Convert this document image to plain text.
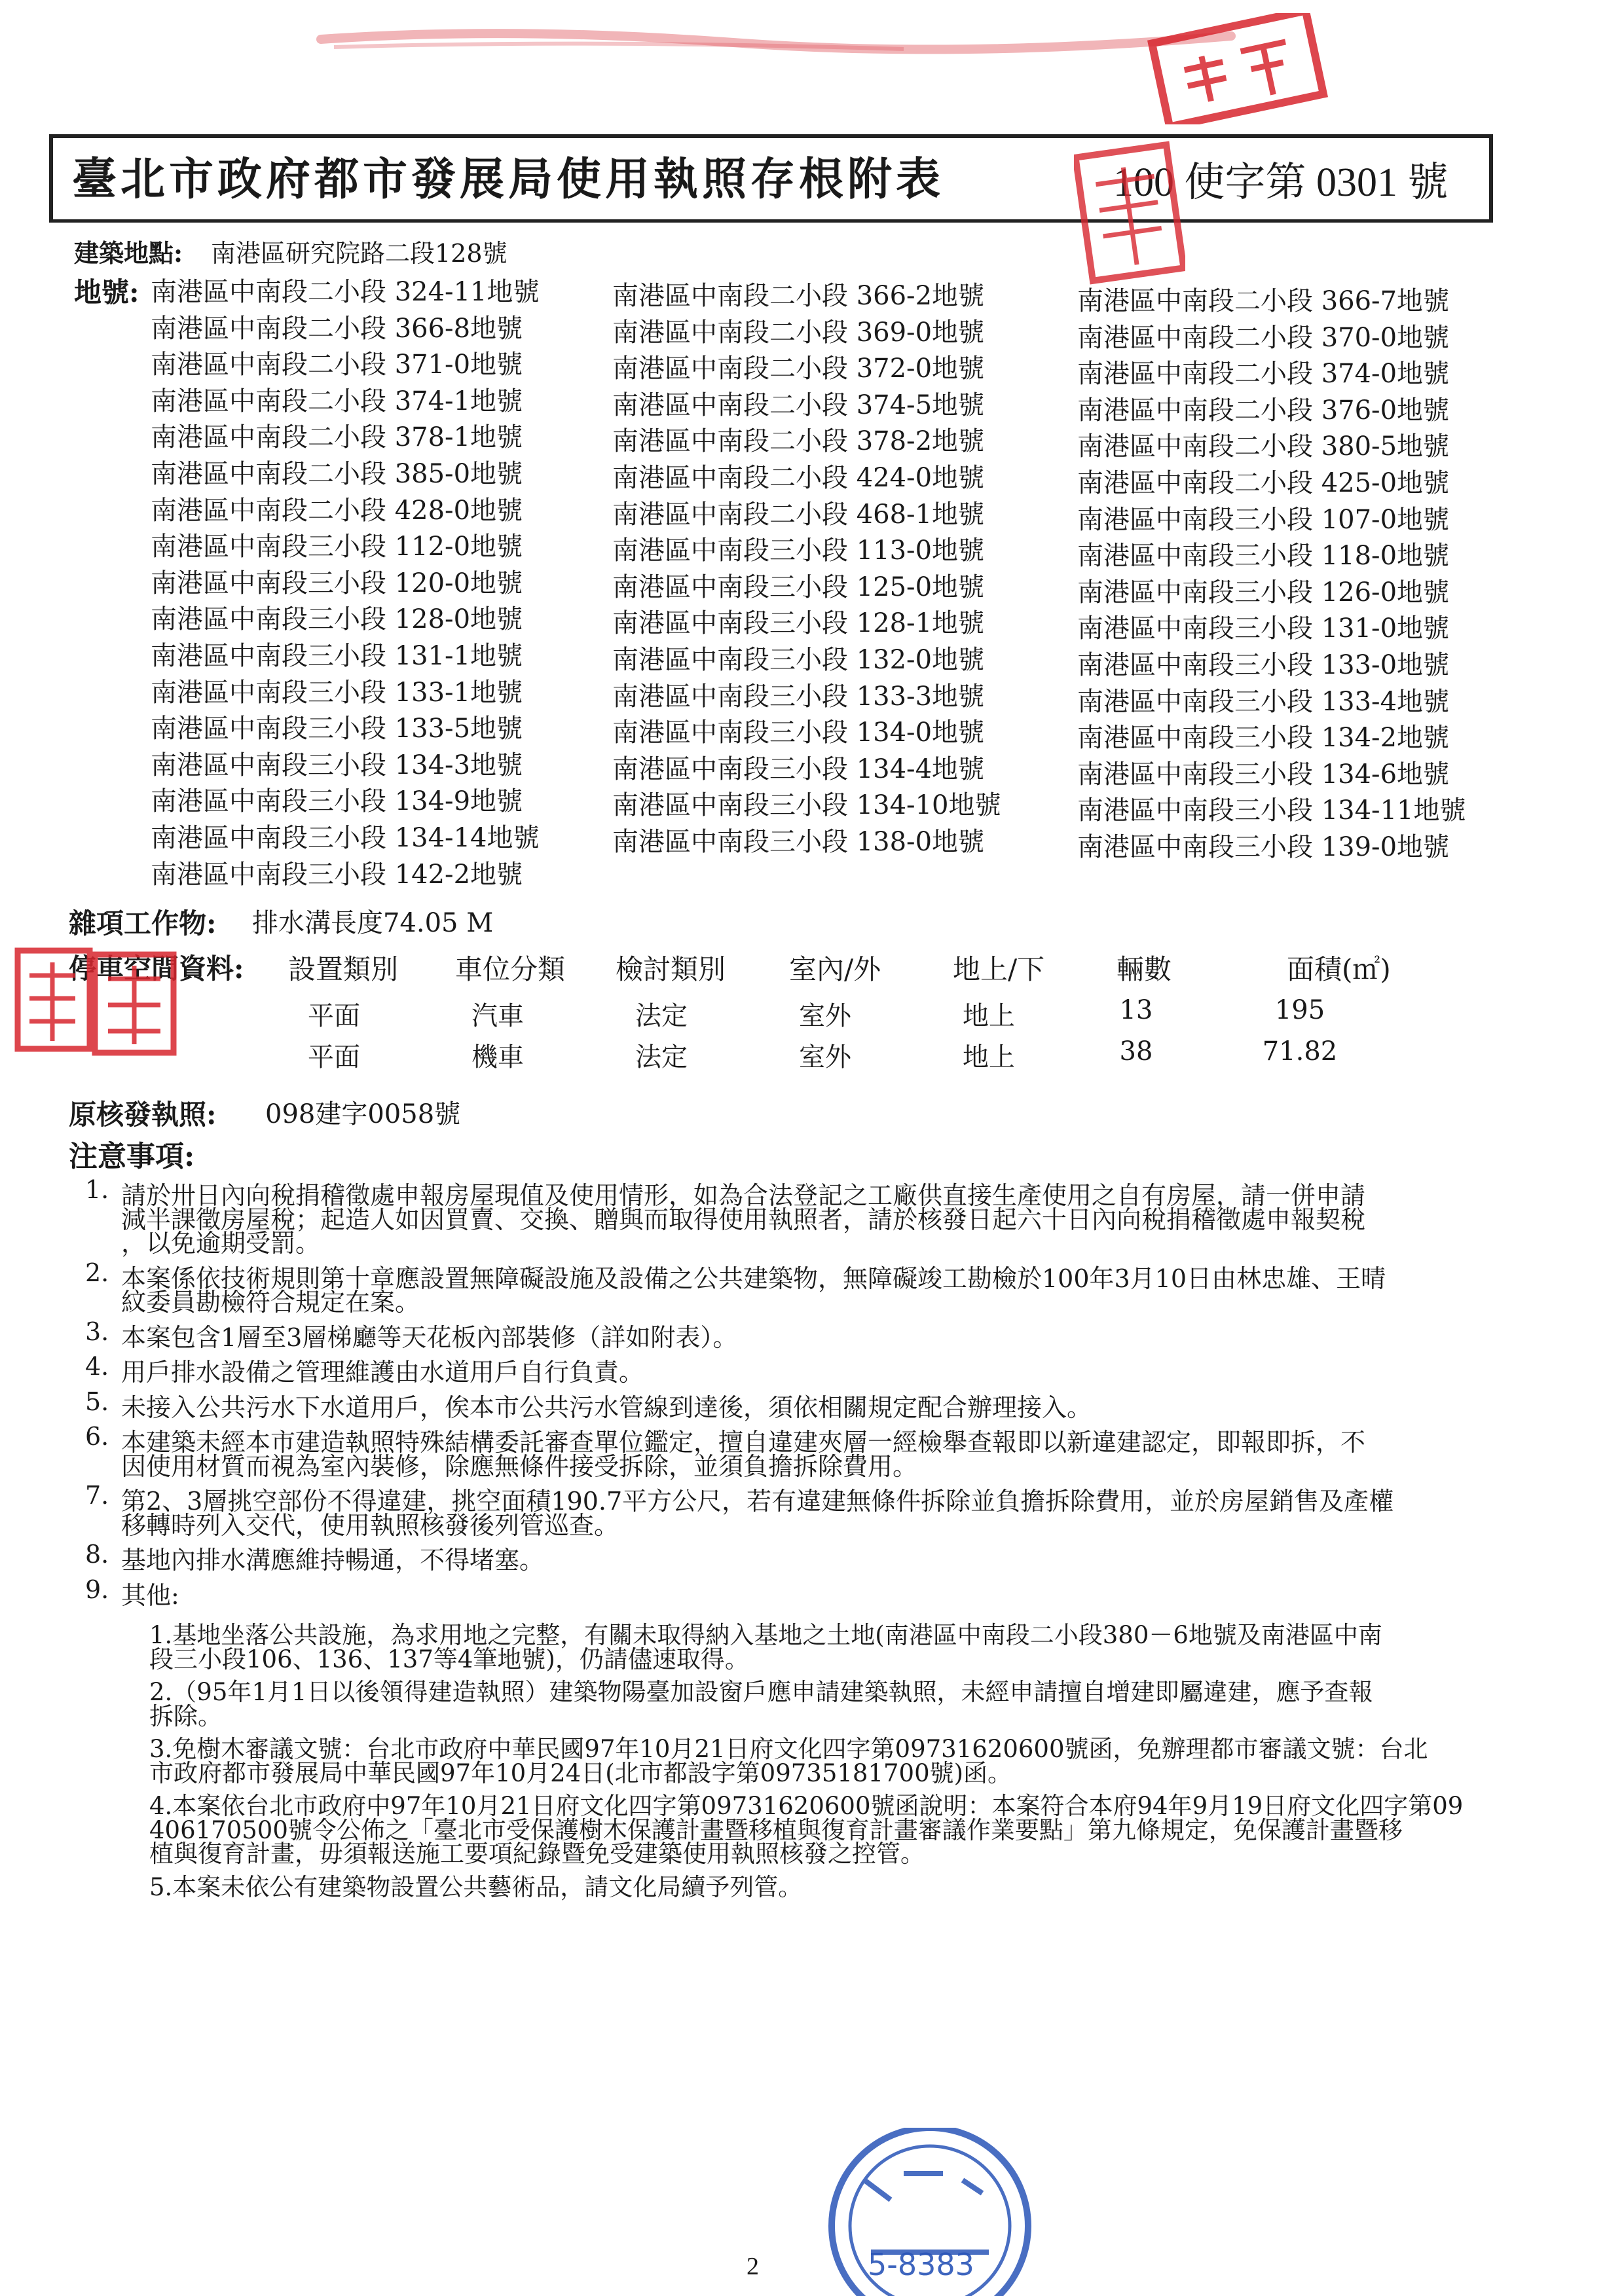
臺北市政府都市發展局使用執照存根附表	100 使字第 0301 號
建築地點: 南港區研究院路二段128號
地號: 南港區中南段二小段 324-11地號
南港區中南段二小段 366-8地號
南港區中南段二小段 371-0地號
南港區中南段二小段 374-1地號
南港區中南段二小段 378-1地號
南港區中南段二小段 385-0地號
南港區中南段二小段 428-0地號
南港區中南段三小段 112-0地號
南港區中南段三小段 120-0地號
南港區中南段三小段 128-0地號
南港區中南段三小段 131-1地號
南港區中南段三小段 133-1地號
南港區中南段三小段 133-5地號
南港區中南段三小段 134-3地號
南港區中南段三小段 134-9地號
南港區中南段三小段 134-14地號
南港區中南段三小段 142-2地號
南港區中南段二小段 366-2地號
南港區中南段二小段 369-0地號
南港區中南段二小段 372-0地號
南港區中南段二小段 374-5地號
南港區中南段二小段 378-2地號
南港區中南段二小段 424-0地號
南港區中南段二小段 468-1地號
南港區中南段三小段 113-0地號
南港區中南段三小段 125-0地號
南港區中南段三小段 128-1地號
南港區中南段三小段 132-0地號
南港區中南段三小段 133-3地號
南港區中南段三小段 134-0地號
南港區中南段三小段 134-4地號
南港區中南段三小段 134-10地號
南港區中南段三小段 138-0地號
南港區中南段二小段 366-7地號
南港區中南段二小段 370-0地號
南港區中南段二小段 374-0地號
南港區中南段二小段 376-0地號
南港區中南段二小段 380-5地號
南港區中南段二小段 425-0地號
南港區中南段三小段 107-0地號
南港區中南段三小段 118-0地號
南港區中南段三小段 126-0地號
南港區中南段三小段 131-0地號
南港區中南段三小段 133-0地號
南港區中南段三小段 133-4地號
南港區中南段三小段 134-2地號
南港區中南段三小段 134-6地號
南港區中南段三小段 134-11地號
南港區中南段三小段 139-0地號
雜項工作物: 排水溝長度74.05 M
停車空間資料: 設置類別 車位分類 檢討類別 室內/外	地上/下	輛數	面積(㎡)
平面	汽車	法定	室外	地上	13	195
平面	機車	法定	室外	地上	38	71.82
原核發執照: 098建字0058號
注意事項:
1. 請於卅日內向稅捐稽徵處申報房屋現值及使用情形，如為合法登記之工廠供直接生產使用之自有房屋，請一併申請
減半課徵房屋稅；起造人如因買賣、交換、贈與而取得使用執照者，請於核發日起六十日內向稅捐稽徵處申報契稅
，以免逾期受罰。
2. 本案係依技術規則第十章應設置無障礙設施及設備之公共建築物，無障礙竣工勘檢於100年3月10日由林忠雄、王晴
紋委員勘檢符合規定在案。
3. 本案包含1層至3層梯廳等天花板內部裝修（詳如附表）。
4. 用戶排水設備之管理維護由水道用戶自行負責。
5. 未接入公共污水下水道用戶，俟本市公共污水管線到達後，須依相關規定配合辦理接入。
6. 本建築未經本市建造執照特殊結構委託審查單位鑑定，擅自違建夾層一經檢舉查報即以新違建認定，即報即拆，不
因使用材質而視為室內裝修，除應無條件接受拆除，並須負擔拆除費用。
7. 第2、3層挑空部份不得違建，挑空面積190.7平方公尺，若有違建無條件拆除並負擔拆除費用，並於房屋銷售及產權
移轉時列入交代，使用執照核發後列管巡查。
8. 基地內排水溝應維持暢通，不得堵塞。
9. 其他:
1.基地坐落公共設施，為求用地之完整，有關未取得納入基地之土地(南港區中南段二小段380－6地號及南港區中南
段三小段106、136、137等4筆地號)，仍請儘速取得。
2.（95年1月1日以後領得建造執照）建築物陽臺加設窗戶應申請建築執照，未經申請擅自增建即屬違建，應予查報
拆除。
3.免樹木審議文號：台北市政府中華民國97年10月21日府文化四字第09731620600號函，免辦理都市審議文號：台北
市政府都市發展局中華民國97年10月24日(北市都設字第09735181700號)函。
4.本案依台北市政府中97年10月21日府文化四字第09731620600號函說明：本案符合本府94年9月19日府文化四字第09
406170500號令公佈之「臺北市受保護樹木保護計畫暨移植與復育計畫審議作業要點」第九條規定，免保護計畫暨移
植與復育計畫，毋須報送施工要項紀錄暨免受建築使用執照核發之控管。
5.本案未依公有建築物設置公共藝術品，請文化局續予列管。
5-8383
2
